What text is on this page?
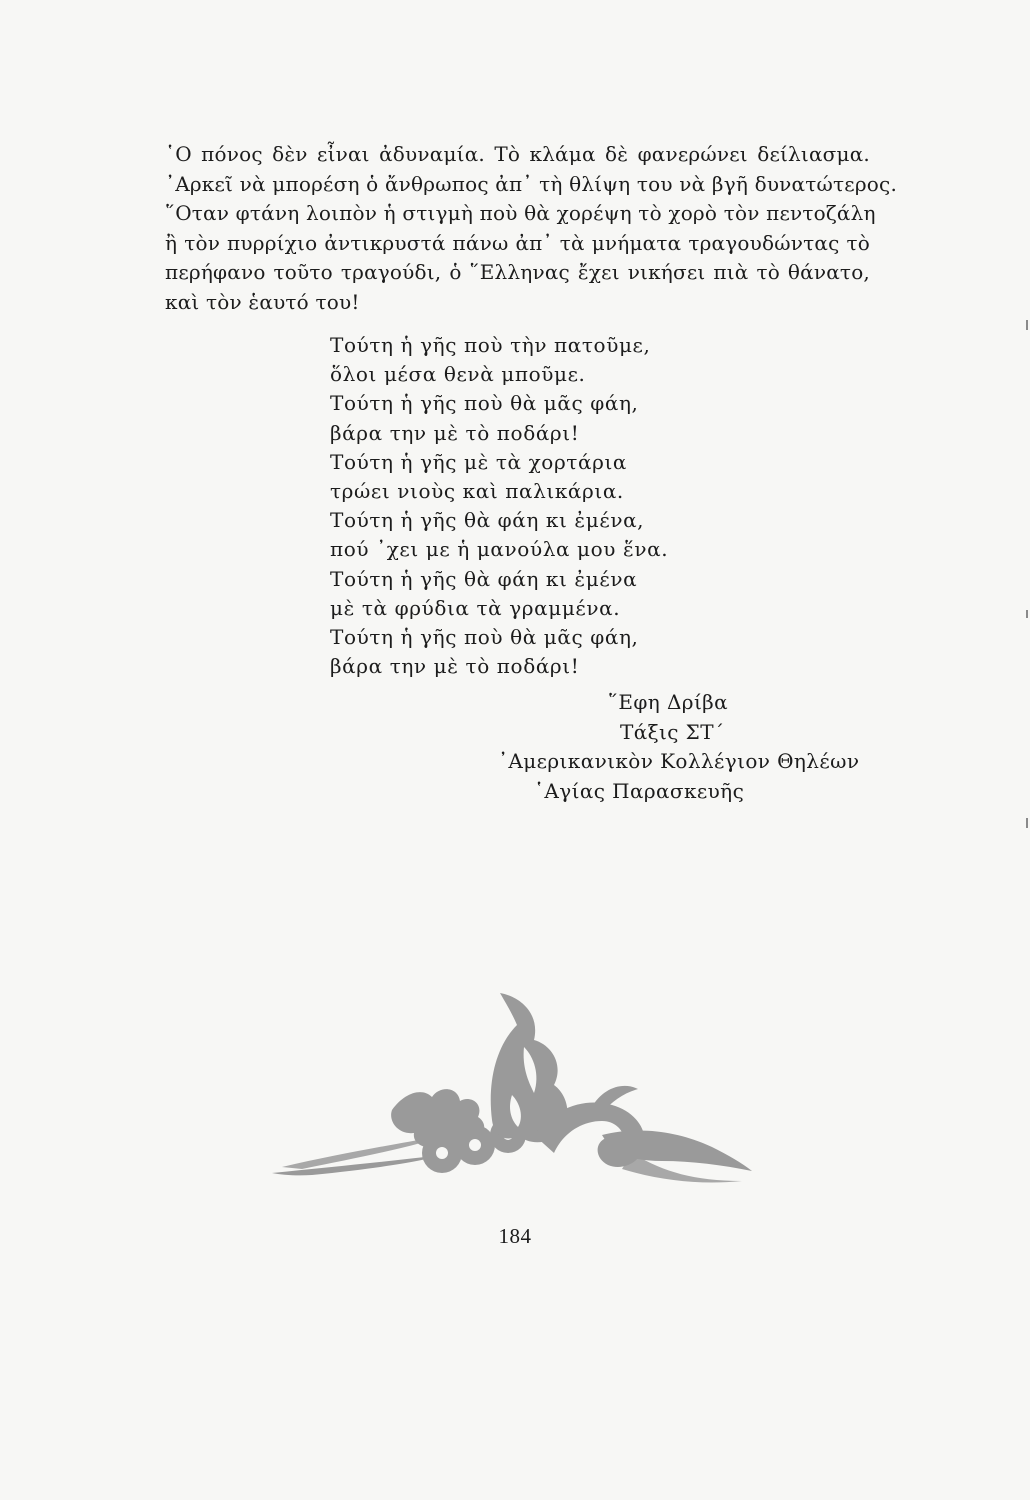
῾Ο πόνος δὲν εἶναι ἀδυναμία. Τὸ κλάμα δὲ φανερώνει δείλιασμα.
᾿Αρκεῖ νὰ μπορέση ὁ ἄνθρωπος ἀπ᾿ τὴ θλίψη του νὰ βγῆ δυνατώτερος.
῞Οταν φτάνη λοιπὸν ἡ στιγμὴ ποὺ θὰ χορέψη τὸ χορὸ τὸν πεντοζάλη
ἢ τὸν πυρρίχιο ἀντικρυστά πάνω ἀπ᾿ τὰ μνήματα τραγουδώντας τὸ
περήφανο τοῦτο τραγούδι, ὁ ῞Ελληνας ἔχει νικήσει πιὰ τὸ θάνατο,
καὶ τὸν ἑαυτό του!
Τούτη ἡ γῆς ποὺ τὴν πατοῦμε,
ὅλοι μέσα θενὰ μποῦμε.
Τούτη ἡ γῆς ποὺ θὰ μᾶς φάη,
βάρα την μὲ τὸ ποδάρι!
Τούτη ἡ γῆς μὲ τὰ χορτάρια
τρώει νιοὺς καὶ παλικάρια.
Τούτη ἡ γῆς θὰ φάη κι ἐμένα,
πού ᾿χει με ἡ μανούλα μου ἕνα.
Τούτη ἡ γῆς θὰ φάη κι ἐμένα
μὲ τὰ φρύδια τὰ γραμμένα.
Τούτη ἡ γῆς ποὺ θὰ μᾶς φάη,
βάρα την μὲ τὸ ποδάρι!
῞Εφη Δρίβα
Τάξις ΣΤ΄
᾿Αμερικανικὸν Κολλέγιον Θηλέων
῾Αγίας Παρασκευῆς
184
